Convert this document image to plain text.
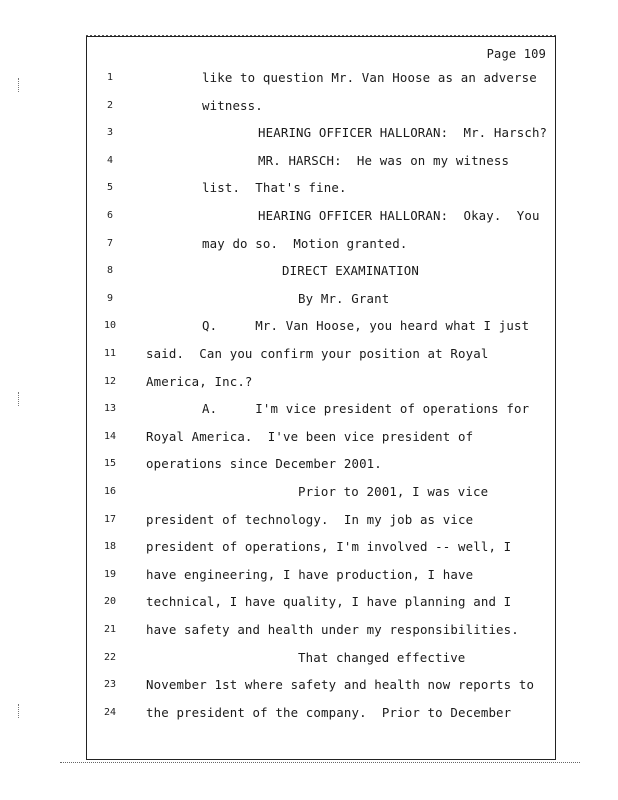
Page 109
1	like to question Mr. Van Hoose as an adverse
2	witness.
3	HEARING OFFICER HALLORAN:  Mr. Harsch?
4	MR. HARSCH:  He was on my witness
5	list.  That's fine.
6	HEARING OFFICER HALLORAN:  Okay.  You
7	may do so.  Motion granted.
8	DIRECT EXAMINATION
9	By Mr. Grant
10	Q.     Mr. Van Hoose, you heard what I just
11	said.  Can you confirm your position at Royal
12	America, Inc.?
13	A.     I'm vice president of operations for
14	Royal America.  I've been vice president of
15	operations since December 2001.
16	Prior to 2001, I was vice
17	president of technology.  In my job as vice
18	president of operations, I'm involved -- well, I
19	have engineering, I have production, I have
20	technical, I have quality, I have planning and I
21	have safety and health under my responsibilities.
22	That changed effective
23	November 1st where safety and health now reports to
24	the president of the company.  Prior to December
